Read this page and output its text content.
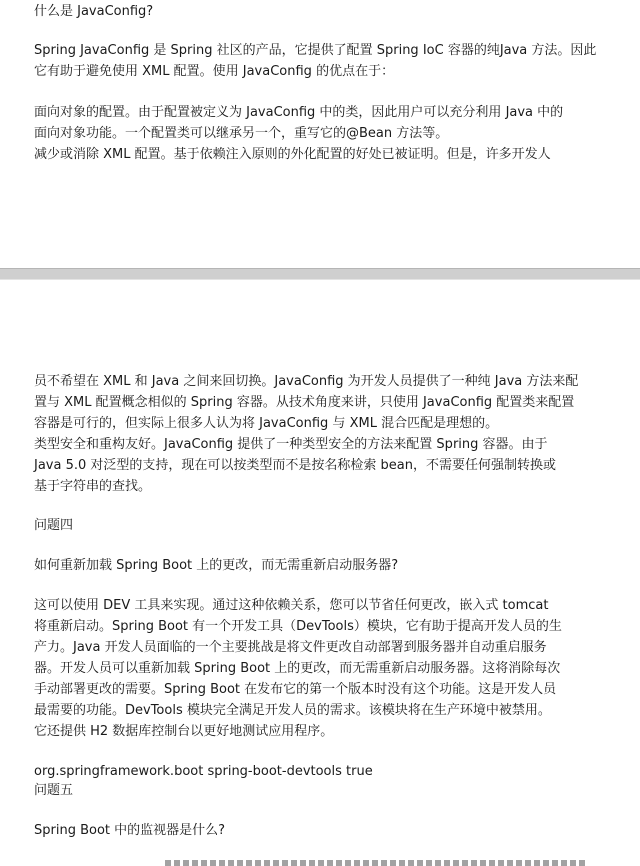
什么是 JavaConfig?
Spring JavaConfig 是 Spring 社区的产品，它提供了配置 Spring IoC 容器的纯Java 方法。因此
它有助于避免使用 XML 配置。使用 JavaConfig 的优点在于：
面向对象的配置。由于配置被定义为 JavaConfig 中的类，因此用户可以充分利用 Java 中的
面向对象功能。一个配置类可以继承另一个，重写它的@Bean 方法等。
减少或消除 XML 配置。基于依赖注入原则的外化配置的好处已被证明。但是，许多开发人
员不希望在 XML 和 Java 之间来回切换。JavaConfig 为开发人员提供了一种纯 Java 方法来配
置与 XML 配置概念相似的 Spring 容器。从技术角度来讲，只使用 JavaConfig 配置类来配置
容器是可行的，但实际上很多人认为将 JavaConfig 与 XML 混合匹配是理想的。
类型安全和重构友好。JavaConfig 提供了一种类型安全的方法来配置 Spring 容器。由于
Java 5.0 对泛型的支持，现在可以按类型而不是按名称检索 bean，不需要任何强制转换或
基于字符串的查找。
问题四
如何重新加载 Spring Boot 上的更改，而无需重新启动服务器?
这可以使用 DEV 工具来实现。通过这种依赖关系，您可以节省任何更改，嵌入式 tomcat
将重新启动。Spring Boot 有一个开发工具（DevTools）模块，它有助于提高开发人员的生
产力。Java 开发人员面临的一个主要挑战是将文件更改自动部署到服务器并自动重启服务
器。开发人员可以重新加载 Spring Boot 上的更改，而无需重新启动服务器。这将消除每次
手动部署更改的需要。Spring Boot 在发布它的第一个版本时没有这个功能。这是开发人员
最需要的功能。DevTools 模块完全满足开发人员的需求。该模块将在生产环境中被禁用。
它还提供 H2 数据库控制台以更好地测试应用程序。
org.springframework.boot spring-boot-devtools true
问题五
Spring Boot 中的监视器是什么?
